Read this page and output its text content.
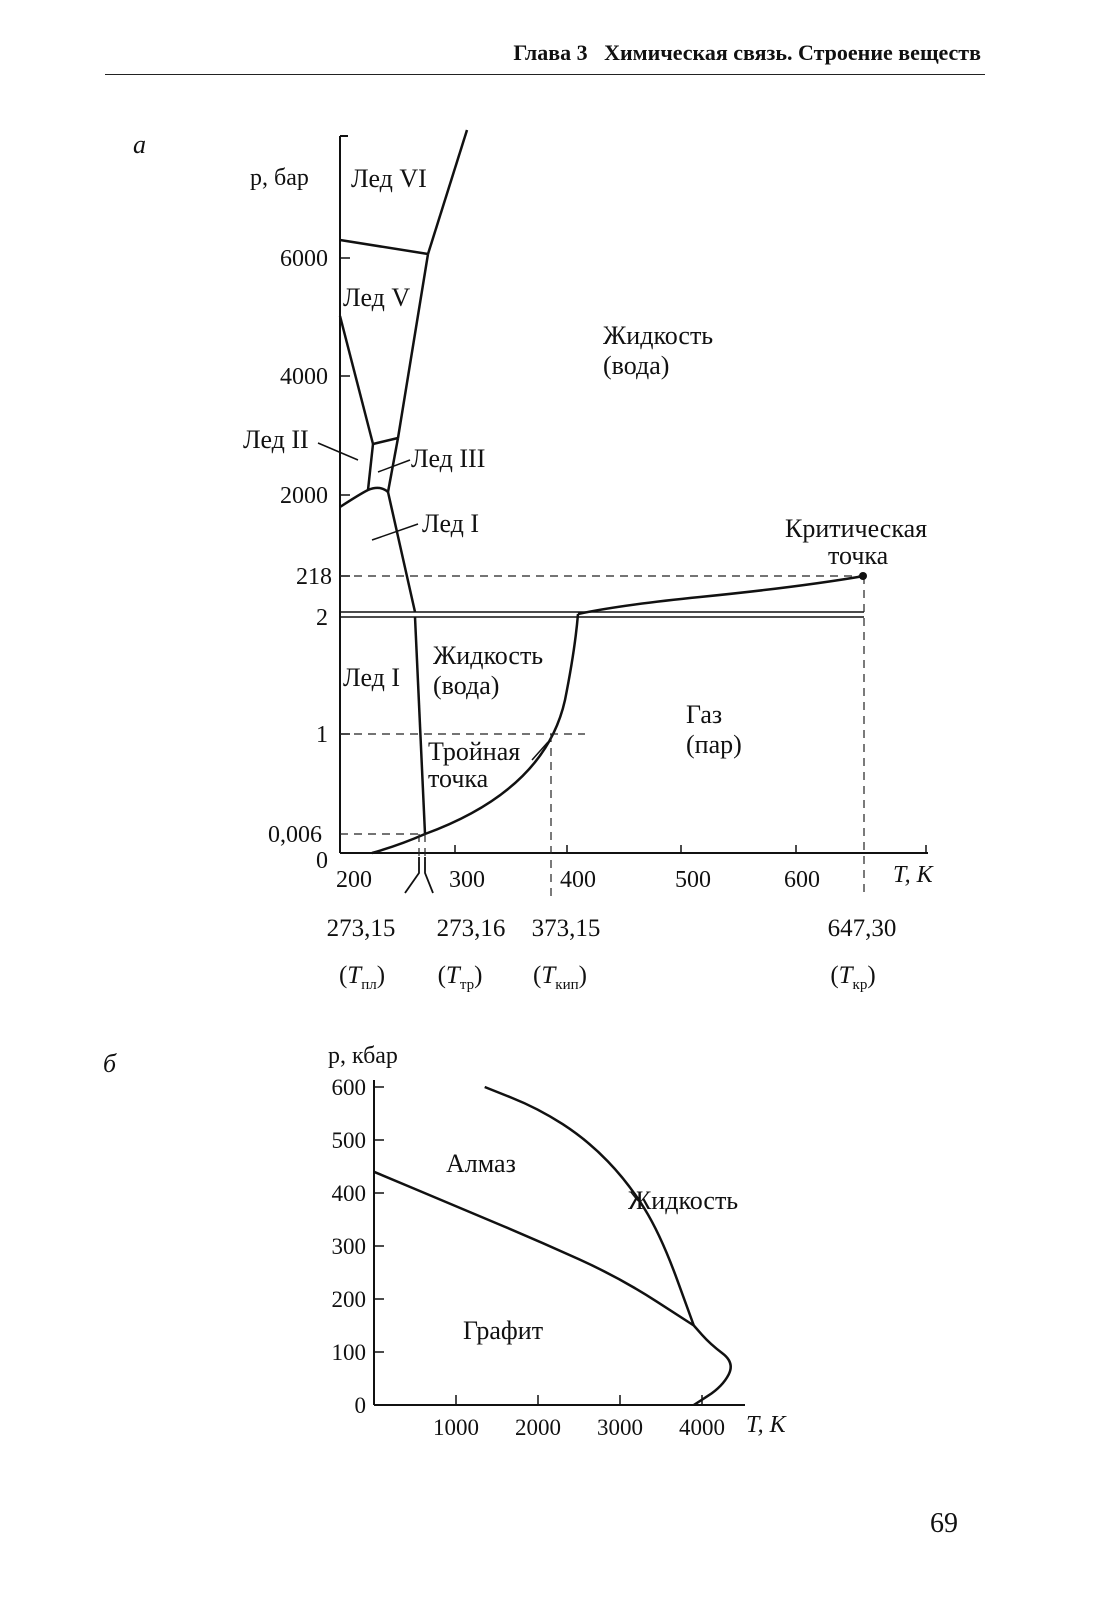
Глава 3   Химическая связь. Строение веществ
а
p, бар
6000
4000
2000
218
2
1
0,006
0
200	300	400	500	600	T, K
Лед VI
Лед V
Жидкость
(вода)
Лед II
Лед III
Лед I	Критическая
точка
Лед I
Жидкость
(вода)
Газ
(пар)
Тройная
точка
273,15 273,16 373,15	647,30
$(T_{пл})$ $(T_{тр})$ $(T_{кип})$	$(T_{кр})$
б	p, кбар
600
500
400
300
200
100
0
1000 2000 3000 4000 T, K
Алмаз
Жидкость
Графит
69
